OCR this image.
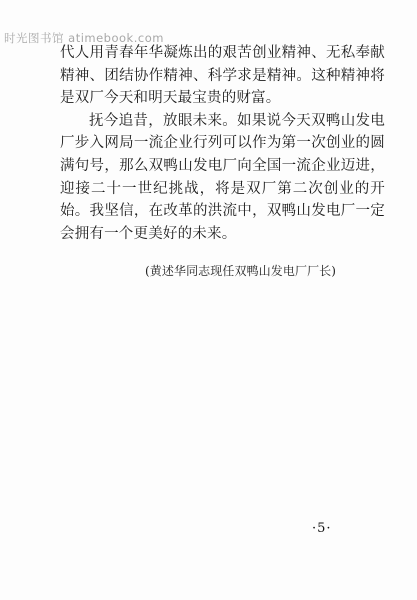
时光图书馆 atimebook.com

代人用青春年华凝炼出的艰苦创业精神、无私奉献精神、团结协作精神、科学求是精神。这种精神将是双厂今天和明天最宝贵的财富。

抚今追昔，放眼未来。如果说今天双鸭山发电厂步入网局一流企业行列可以作为第一次创业的圆满句号，那么双鸭山发电厂向全国一流企业迈进，迎接二十一世纪挑战，将是双厂第二次创业的开始。我坚信，在改革的洪流中，双鸭山发电厂一定会拥有一个更美好的未来。

(黄述华同志现任双鸭山发电厂厂长)
·5·
